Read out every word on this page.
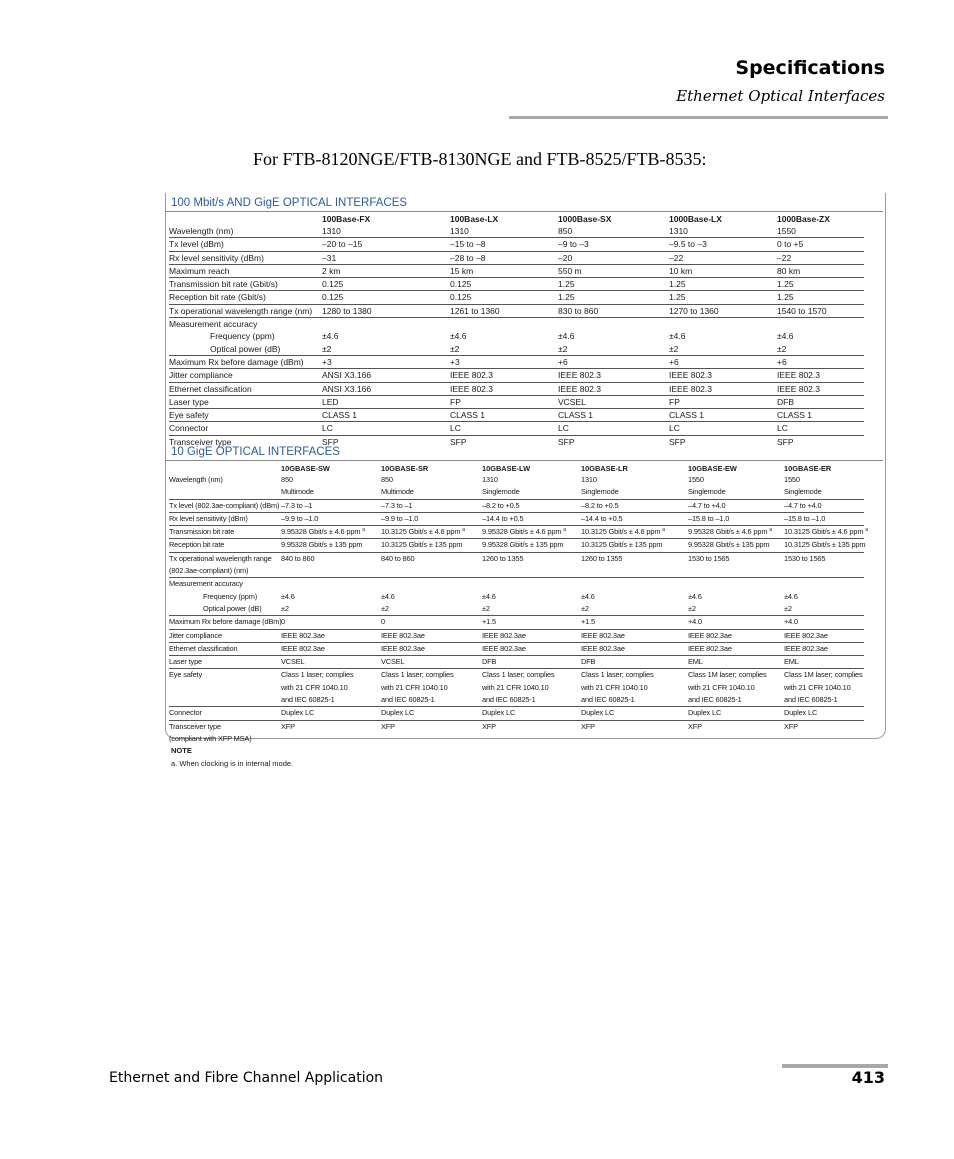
Specifications
Ethernet Optical Interfaces
For FTB-8120NGE/FTB-8130NGE and FTB-8525/FTB-8535:
100 Mbit/s AND GigE OPTICAL INTERFACES
	100Base-FX	100Base-LX	1000Base-SX	1000Base-LX	1000Base-ZX
Wavelength (nm)	1310	1310	850	1310	1550
Tx level (dBm)	–20 to –15	–15 to –8	–9 to –3	–9.5 to –3	0 to +5
Rx level sensitivity (dBm)	–31	–28 to –8	–20	–22	–22
Maximum reach	2 km	15 km	550 m	10 km	80 km
Transmission bit rate (Gbit/s)	0.125	0.125	1.25	1.25	1.25
Reception bit rate (Gbit/s)	0.125	0.125	1.25	1.25	1.25
Tx operational wavelength range (nm)	1280 to 1380	1261 to 1360	830 to 860	1270 to 1360	1540 to 1570
Measurement accuracy					
Frequency (ppm)	±4.6	±4.6	±4.6	±4.6	±4.6
Optical power (dB)	±2	±2	±2	±2	±2
Maximum Rx before damage (dBm)	+3	+3	+6	+6	+6
Jitter compliance	ANSI X3.166	IEEE 802.3	IEEE 802.3	IEEE 802.3	IEEE 802.3
Ethernet classification	ANSI X3.166	IEEE 802.3	IEEE 802.3	IEEE 802.3	IEEE 802.3
Laser type	LED	FP	VCSEL	FP	DFB
Eye safety	CLASS 1	CLASS 1	CLASS 1	CLASS 1	CLASS 1
Connector	LC	LC	LC	LC	LC
Transceiver type	SFP	SFP	SFP	SFP	SFP
10 GigE OPTICAL INTERFACES
	10GBASE-SW	10GBASE-SR	10GBASE-LW	10GBASE-LR	10GBASE-EW	10GBASE-ER
Wavelength (nm)	850	850	1310	1310	1550	1550
	Multimode	Multimode	Singlemode	Singlemode	Singlemode	Singlemode
Tx level (802.3ae-compliant) (dBm)	–7.3 to –1	–7.3 to –1	–8.2 to +0.5	–8.2 to +0.5	–4.7 to +4.0	–4.7 to +4.0
Rx level sensitivity (dBm)	–9.9 to –1.0	–9.9 to –1.0	–14.4 to +0.5	–14.4 to +0.5	–15.8 to –1.0	–15.8 to –1.0
Transmission bit rate	9.95328 Gbit/s ± 4.6 ppm $^a$	10.3125 Gbit/s ± 4.6 ppm $^a$	9.95328 Gbit/s ± 4.6 ppm $^a$	10.3125 Gbit/s ± 4.6 ppm $^a$	9.95328 Gbit/s ± 4.6 ppm $^a$	10.3125 Gbit/s ± 4.6 ppm $^a$
Reception bit rate	9.95328 Gbit/s ± 135 ppm	10.3125 Gbit/s ± 135 ppm	9.95328 Gbit/s ± 135 ppm	10.3125 Gbit/s ± 135 ppm	9.95328 Gbit/s ± 135 ppm	10.3125 Gbit/s ± 135 ppm
Tx operational wavelength range	840 to 860	840 to 860	1260 to 1355	1260 to 1355	1530 to 1565	1530 to 1565
(802.3ae-compliant) (nm)						
Measurement accuracy						
Frequency (ppm)	±4.6	±4.6	±4.6	±4.6	±4.6	±4.6
Optical power (dB)	±2	±2	±2	±2	±2	±2
Maximum Rx before damage (dBm)	0	0	+1.5	+1.5	+4.0	+4.0
Jitter compliance	IEEE 802.3ae	IEEE 802.3ae	IEEE 802.3ae	IEEE 802.3ae	IEEE 802.3ae	IEEE 802.3ae
Ethernet classification	IEEE 802.3ae	IEEE 802.3ae	IEEE 802.3ae	IEEE 802.3ae	IEEE 802.3ae	IEEE 802.3ae
Laser type	VCSEL	VCSEL	DFB	DFB	EML	EML
Eye safety	Class 1 laser; complies	Class 1 laser; complies	Class 1 laser; complies	Class 1 laser; complies	Class 1M laser; complies	Class 1M laser; complies
	with 21 CFR 1040.10	with 21 CFR 1040.10	with 21 CFR 1040.10	with 21 CFR 1040.10	with 21 CFR 1040.10	with 21 CFR 1040.10
	and IEC 60825-1	and IEC 60825-1	and IEC 60825-1	and IEC 60825-1	and IEC 60825-1	and IEC 60825-1
Connector	Duplex LC	Duplex LC	Duplex LC	Duplex LC	Duplex LC	Duplex LC
Transceiver type	XFP	XFP	XFP	XFP	XFP	XFP
(compliant with XFP MSA)						
NOTE
a. When clocking is in internal mode.
Ethernet and Fibre Channel Application	413
